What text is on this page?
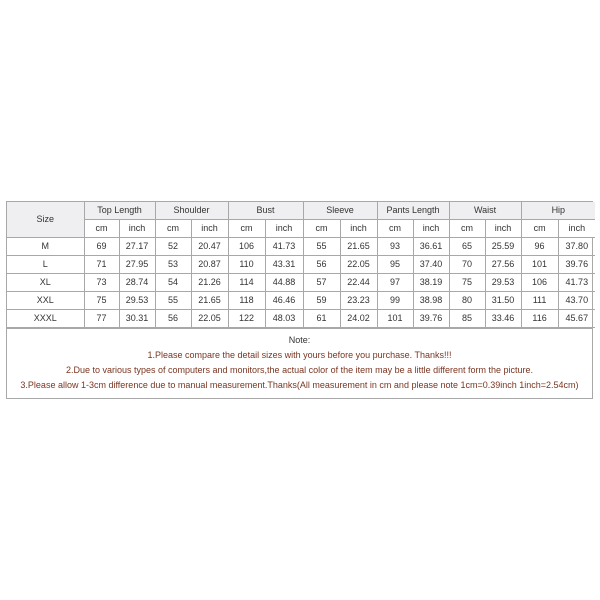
Size	Top Length		Shoulder		Bust		Sleeve		Pants Length		Waist		Hip	
	cm	inch	cm	inch	cm	inch	cm	inch	cm	inch	cm	inch	cm	inch
M	69	27.17	52	20.47	106	41.73	55	21.65	93	36.61	65	25.59	96	37.80
L	71	27.95	53	20.87	110	43.31	56	22.05	95	37.40	70	27.56	101	39.76
XL	73	28.74	54	21.26	114	44.88	57	22.44	97	38.19	75	29.53	106	41.73
XXL	75	29.53	55	21.65	118	46.46	59	23.23	99	38.98	80	31.50	111	43.70
XXXL	77	30.31	56	22.05	122	48.03	61	24.02	101	39.76	85	33.46	116	45.67
Note:
1.Please compare the detail sizes with yours before you purchase. Thanks!!!
2.Due to various types of computers and monitors,the actual color of the item may be a little different form the picture.
3.Please allow 1-3cm difference due to manual measurement.Thanks(All measurement in cm and please note 1cm=0.39inch 1inch=2.54cm)
